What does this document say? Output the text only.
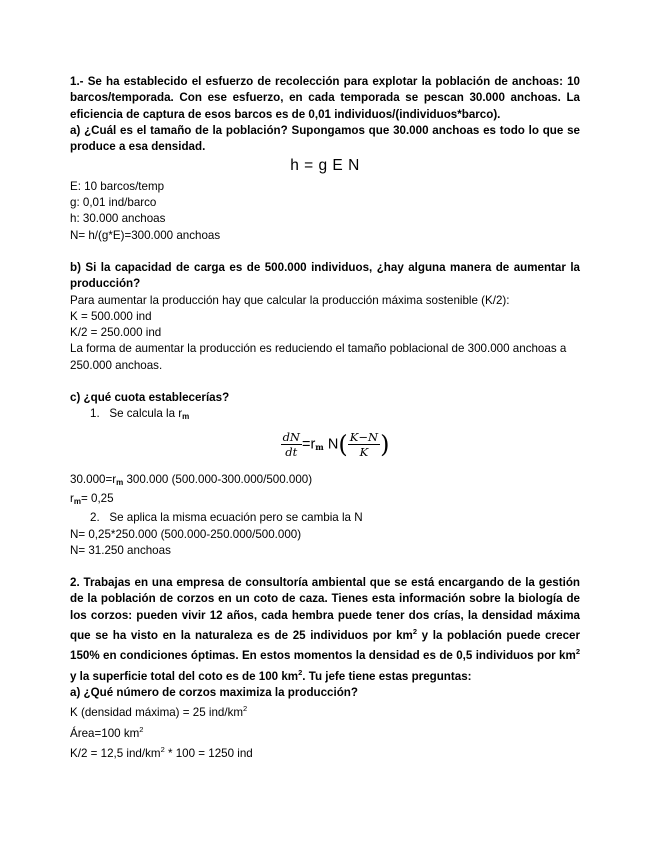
1.- Se ha establecido el esfuerzo de recolección para explotar la población de anchoas: 10 barcos/temporada. Con ese esfuerzo, en cada temporada se pescan 30.000 anchoas. La eficiencia de captura de esos barcos es de 0,01 individuos/(individuos*barco).

a) ¿Cuál es el tamaño de la población? Supongamos que 30.000 anchoas es todo lo que se produce a esa densidad.

h = g E N

E: 10 barcos/temp

g: 0,01 ind/barco

h: 30.000 anchoas

N= h/(g*E)=300.000 anchoas

b) Si la capacidad de carga es de 500.000 individuos, ¿hay alguna manera de aumentar la producción?

Para aumentar la producción hay que calcular la producción máxima sostenible (K/2):

K = 500.000 ind

K/2 = 250.000 ind

La forma de aumentar la producción es reduciendo el tamaño poblacional de 300.000 anchoas a 250.000 anchoas.

c) ¿qué cuota establecerías?

1. Se calcula la $r_m$

$\frac{dN}{dt} =r_m$ $N( \frac{K-N}{K}$ )

$30.000=r_m$ 300.000 (500.000-300.000/500.000)

$r_m= 0,25$

2. Se aplica la misma ecuación pero se cambia la N

N= 0,25*250.000 (500.000-250.000/500.000)

N= 31.250 anchoas

2. Trabajas en una empresa de consultoría ambiental que se está encargando de la gestión de la población de corzos en un coto de caza. Tienes esta información sobre la biología de los corzos: pueden vivir 12 años, cada hembra puede tener dos crías, la densidad máxima que se ha visto en la naturaleza es de 25 individuos por $km^2$ y la población puede crecer 150% en condiciones óptimas. En estos momentos la densidad es de 0,5 individuos por $km^2$ y la superficie total del coto es de 100 $km^2$. Tu jefe tiene estas preguntas:

a) ¿Qué número de corzos maximiza la producción?

K (densidad máxima) = 25 ind/$km^2$

Área=100 $km^2$

K/2 = 12,5 ind/$km^2 * 100 = 1250$ ind
